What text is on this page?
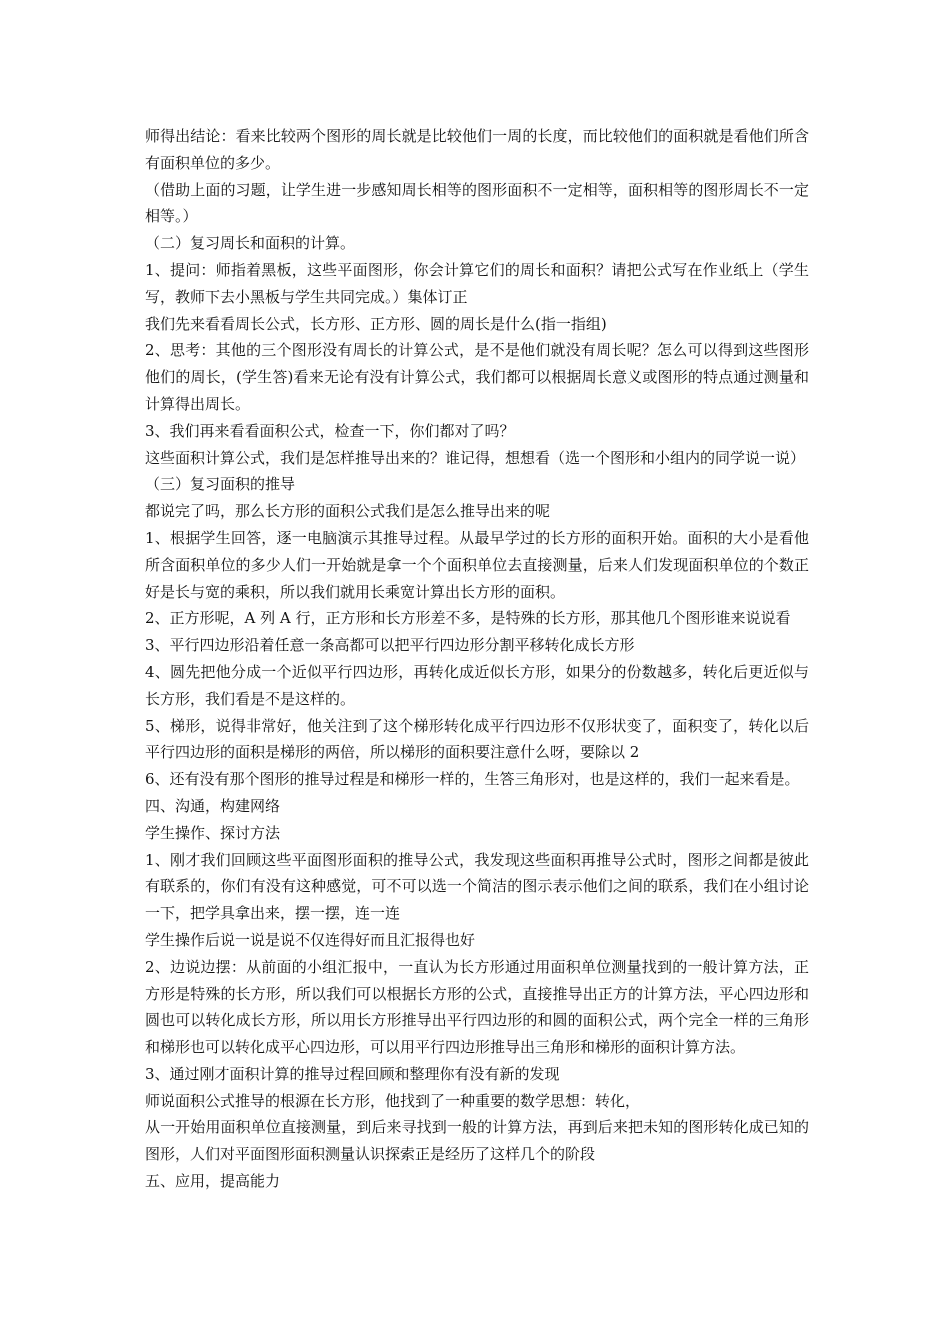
师得出结论：看来比较两个图形的周长就是比较他们一周的长度，而比较他们的面积就是看他们所含有面积单位的多少。

（借助上面的习题，让学生进一步感知周长相等的图形面积不一定相等，面积相等的图形周长不一定相等。）

（二）复习周长和面积的计算。

1、提问：师指着黑板，这些平面图形，你会计算它们的周长和面积？请把公式写在作业纸上（学生写，教师下去小黑板与学生共同完成。）集体订正

我们先来看看周长公式，长方形、正方形、圆的周长是什么(指一指组)

2、思考：其他的三个图形没有周长的计算公式，是不是他们就没有周长呢？怎么可以得到这些图形他们的周长，(学生答)看来无论有没有计算公式，我们都可以根据周长意义或图形的特点通过测量和计算得出周长。

3、我们再来看看面积公式，检查一下，你们都对了吗？

这些面积计算公式，我们是怎样推导出来的？谁记得，想想看（选一个图形和小组内的同学说一说）

（三）复习面积的推导

都说完了吗，那么长方形的面积公式我们是怎么推导出来的呢

1、根据学生回答，逐一电脑演示其推导过程。从最早学过的长方形的面积开始。面积的大小是看他所含面积单位的多少人们一开始就是拿一个个面积单位去直接测量，后来人们发现面积单位的个数正好是长与宽的乘积，所以我们就用长乘宽计算出长方形的面积。

2、正方形呢，A 列 A 行，正方形和长方形差不多，是特殊的长方形，那其他几个图形谁来说说看

3、平行四边形沿着任意一条高都可以把平行四边形分割平移转化成长方形

4、圆先把他分成一个近似平行四边形，再转化成近似长方形，如果分的份数越多，转化后更近似与长方形，我们看是不是这样的。

5、梯形，说得非常好，他关注到了这个梯形转化成平行四边形不仅形状变了，面积变了，转化以后平行四边形的面积是梯形的两倍，所以梯形的面积要注意什么呀，要除以 2

6、还有没有那个图形的推导过程是和梯形一样的，生答三角形对，也是这样的，我们一起来看是。

四、沟通，构建网络

学生操作、探讨方法

1、刚才我们回顾这些平面图形面积的推导公式，我发现这些面积再推导公式时，图形之间都是彼此有联系的，你们有没有这种感觉，可不可以选一个简洁的图示表示他们之间的联系，我们在小组讨论一下，把学具拿出来，摆一摆，连一连

学生操作后说一说是说不仅连得好而且汇报得也好

2、边说边摆：从前面的小组汇报中，一直认为长方形通过用面积单位测量找到的一般计算方法，正方形是特殊的长方形，所以我们可以根据长方形的公式，直接推导出正方的计算方法，平心四边形和圆也可以转化成长方形，所以用长方形推导出平行四边形的和圆的面积公式，两个完全一样的三角形和梯形也可以转化成平心四边形，可以用平行四边形推导出三角形和梯形的面积计算方法。

3、通过刚才面积计算的推导过程回顾和整理你有没有新的发现

师说面积公式推导的根源在长方形，他找到了一种重要的数学思想：转化，

从一开始用面积单位直接测量，到后来寻找到一般的计算方法，再到后来把未知的图形转化成已知的图形，人们对平面图形面积测量认识探索正是经历了这样几个的阶段

五、应用，提高能力
